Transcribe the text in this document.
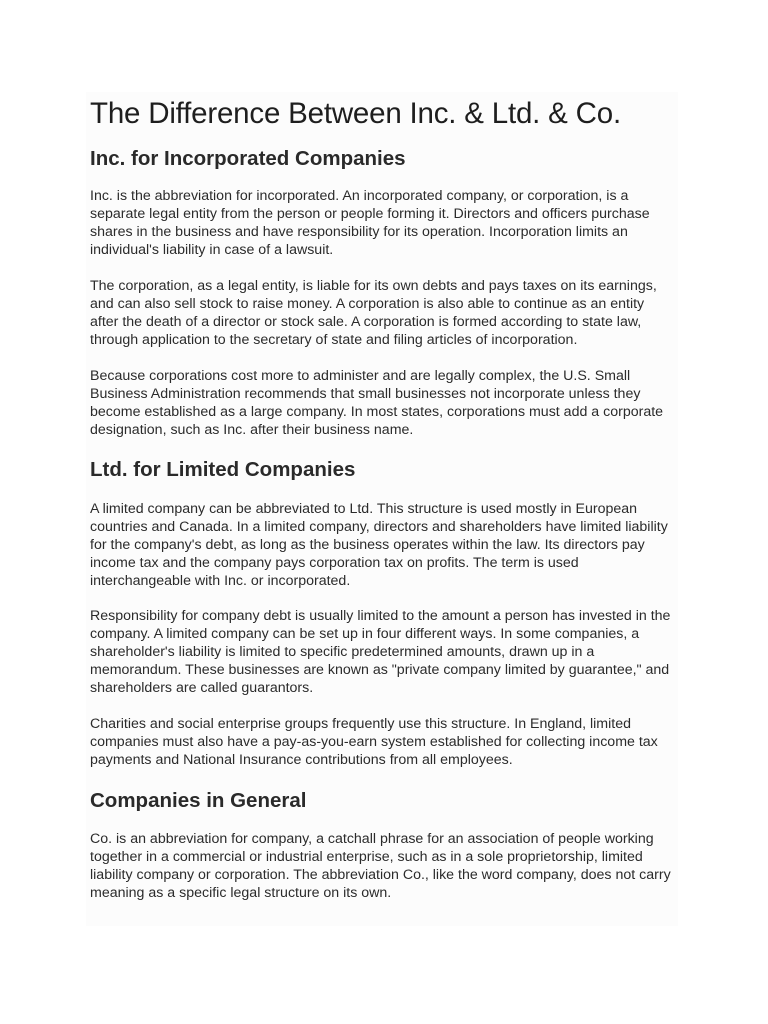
The Difference Between Inc. & Ltd. & Co.
Inc. for Incorporated Companies

Inc. is the abbreviation for incorporated. An incorporated company, or corporation, is a separate legal entity from the person or people forming it. Directors and officers purchase shares in the business and have responsibility for its operation. Incorporation limits an individual's liability in case of a lawsuit.

The corporation, as a legal entity, is liable for its own debts and pays taxes on its earnings, and can also sell stock to raise money. A corporation is also able to continue as an entity after the death of a director or stock sale. A corporation is formed according to state law, through application to the secretary of state and filing articles of incorporation.

Because corporations cost more to administer and are legally complex, the U.S. Small Business Administration recommends that small businesses not incorporate unless they become established as a large company. In most states, corporations must add a corporate designation, such as Inc. after their business name.

Ltd. for Limited Companies

A limited company can be abbreviated to Ltd. This structure is used mostly in European countries and Canada. In a limited company, directors and shareholders have limited liability for the company's debt, as long as the business operates within the law. Its directors pay income tax and the company pays corporation tax on profits. The term is used interchangeable with Inc. or incorporated.

Responsibility for company debt is usually limited to the amount a person has invested in the company. A limited company can be set up in four different ways. In some companies, a shareholder's liability is limited to specific predetermined amounts, drawn up in a memorandum. These businesses are known as "private company limited by guarantee," and shareholders are called guarantors.

Charities and social enterprise groups frequently use this structure. In England, limited companies must also have a pay-as-you-earn system established for collecting income tax payments and National Insurance contributions from all employees.

Companies in General

Co. is an abbreviation for company, a catchall phrase for an association of people working together in a commercial or industrial enterprise, such as in a sole proprietorship, limited liability company or corporation. The abbreviation Co., like the word company, does not carry meaning as a specific legal structure on its own.
